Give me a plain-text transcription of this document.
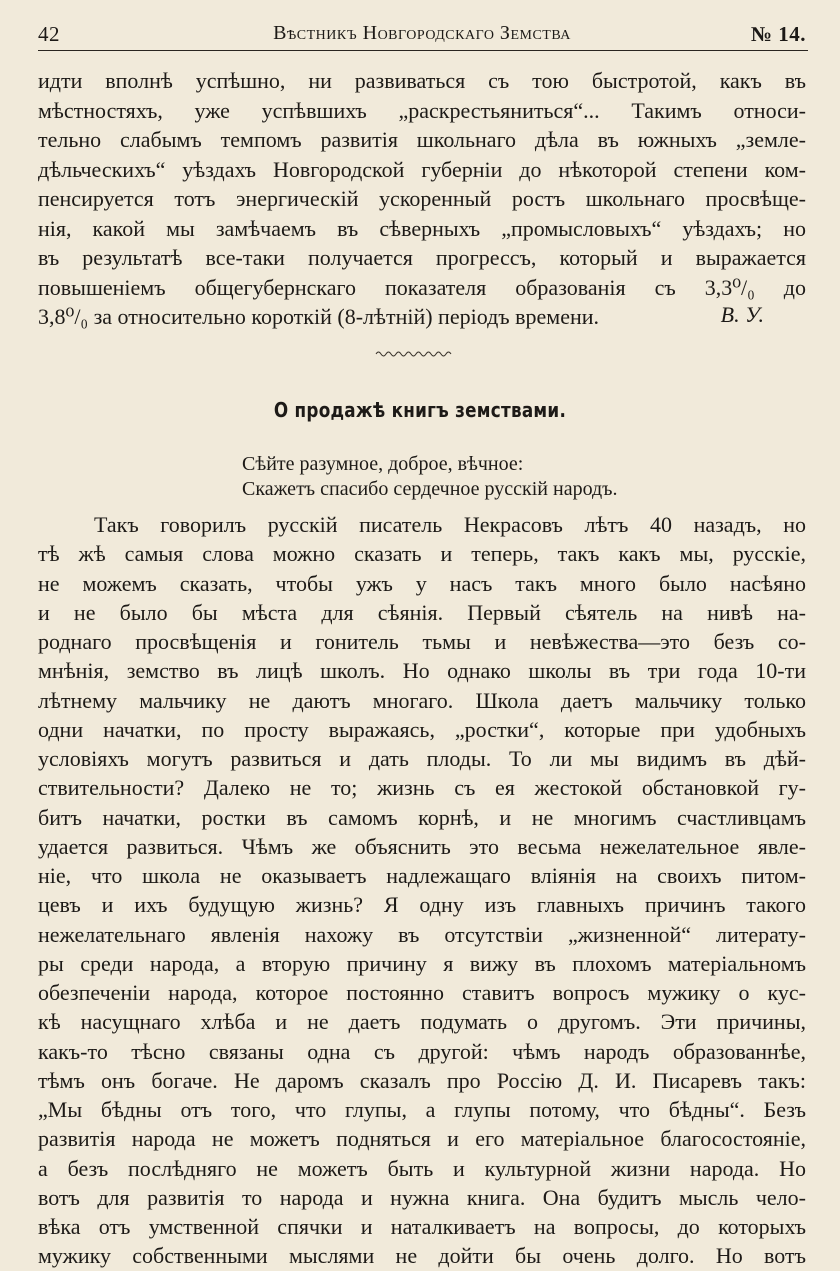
42	Вѣстникъ Новгородскаго Земства	№ 14.
идти вполнѣ успѣшно, ни развиваться съ тою быстротой, какъ въ
мѣстностяхъ, уже успѣвшихъ „раскрестьяниться“... Такимъ относи-
тельно слабымъ темпомъ развитія школьнаго дѣла въ южныхъ „земле-
дѣльческихъ“ уѣздахъ Новгородской губерніи до нѣкоторой степени ком-
пенсируется тотъ энергическій ускоренный ростъ школьнаго просвѣще-
нія, какой мы замѣчаемъ въ сѣверныхъ „промысловыхъ“ уѣздахъ; но
въ результатѣ все-таки получается прогрессъ, который и выражается
повышеніемъ общегубернскаго показателя образованія съ 3,3⁰/₀ до
3,8⁰/₀ за относительно короткій (8-лѣтній) періодъ времени.	В. У.
О продажѣ книгъ земствами.
Сѣйте разумное, доброе, вѣчное:
Скажетъ спасибо сердечное русскій народъ.
Такъ говорилъ русскій писатель Некрасовъ лѣтъ 40 назадъ, но
тѣ жѣ самыя слова можно сказать и теперь, такъ какъ мы, русскіе,
не можемъ сказать, чтобы ужъ у насъ такъ много было насѣяно
и не было бы мѣста для сѣянія. Первый сѣятель на нивѣ на-
роднаго просвѣщенія и гонитель тьмы и невѣжества—это безъ со-
мнѣнія, земство въ лицѣ школъ. Но однако школы въ три года 10-ти
лѣтнему мальчику не даютъ многаго. Школа даетъ мальчику только
одни начатки, по просту выражаясь, „ростки“, которые при удобныхъ
условіяхъ могутъ развиться и дать плоды. То ли мы видимъ въ дѣй-
ствительности? Далеко не то; жизнь съ ея жестокой обстановкой гу-
битъ начатки, ростки въ самомъ корнѣ, и не многимъ счастливцамъ
удается развиться. Чѣмъ же объяснить это весьма нежелательное явле-
ніе, что школа не оказываетъ надлежащаго вліянія на своихъ питом-
цевъ и ихъ будущую жизнь? Я одну изъ главныхъ причинъ такого
нежелательнаго явленія нахожу въ отсутствіи „жизненной“ литерату-
ры среди народа, а вторую причину я вижу въ плохомъ матеріальномъ
обезпеченіи народа, которое постоянно ставитъ вопросъ мужику о кус-
кѣ насущнаго хлѣба и не даетъ подумать о другомъ. Эти причины,
какъ-то тѣсно связаны одна съ другой: чѣмъ народъ образованнѣе,
тѣмъ онъ богаче. Не даромъ сказалъ про Россію Д. И. Писаревъ такъ:
„Мы бѣдны отъ того, что глупы, а глупы потому, что бѣдны“. Безъ
развитія народа не можетъ подняться и его матеріальное благосостояніе,
а безъ послѣдняго не можетъ быть и культурной жизни народа. Но
вотъ для развитія то народа и нужна книга. Она будитъ мысль чело-
вѣка отъ умственной спячки и наталкиваетъ на вопросы, до которыхъ
мужику собственными мыслями не дойти бы очень долго. Но вотъ
